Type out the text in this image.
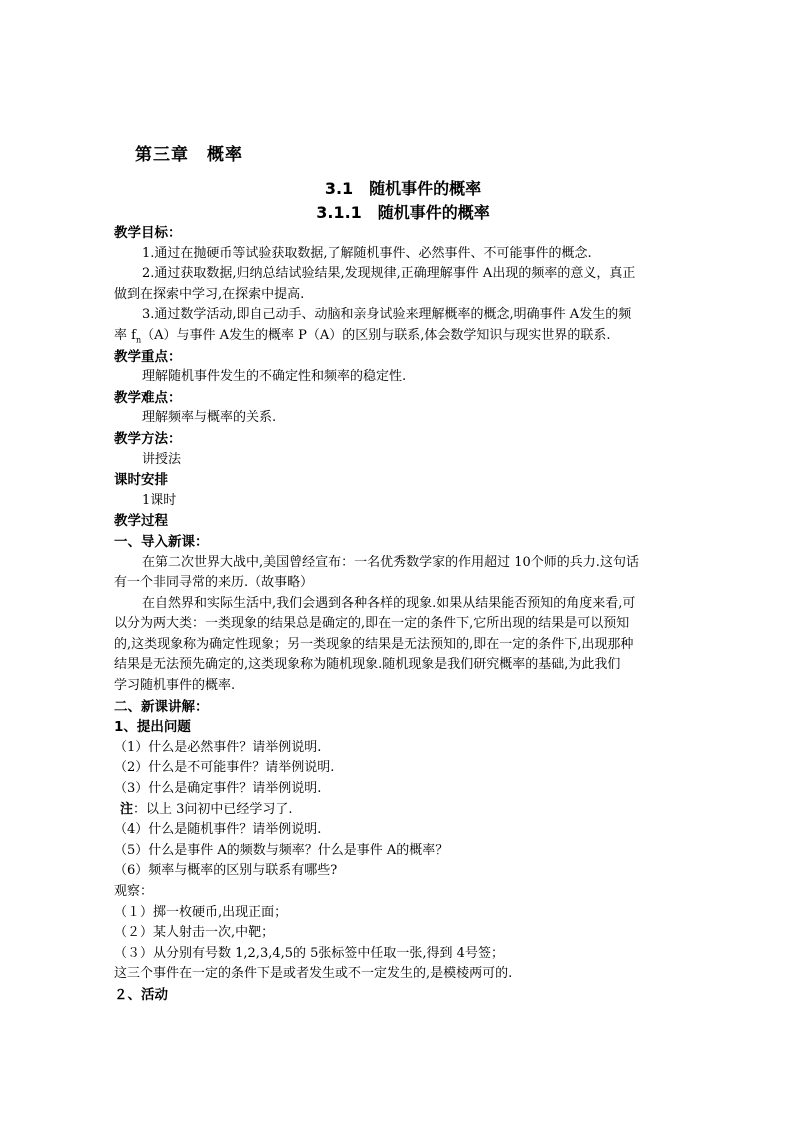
第三章　概率
3.1　随机事件的概率
3.1.1　随机事件的概率
教学目标：
1.通过在抛硬币等试验获取数据,了解随机事件、必然事件、不可能事件的概念.
2.通过获取数据,归纳总结试验结果,发现规律,正确理解事件 A出现的频率的意义，真正
做到在探索中学习,在探索中提高.
3.通过数学活动,即自己动手、动脑和亲身试验来理解概率的概念,明确事件 A发生的频
率 $f_n(A)$与事件 A发生的概率 P（A）的区别与联系,体会数学知识与现实世界的联系.
教学重点：
理解随机事件发生的不确定性和频率的稳定性.
教学难点：
理解频率与概率的关系.
教学方法：
讲授法
课时安排
1课时
教学过程
一、导入新课：
在第二次世界大战中,美国曾经宣布：一名优秀数学家的作用超过 10个师的兵力.这句话
有一个非同寻常的来历.（故事略）
在自然界和实际生活中,我们会遇到各种各样的现象.如果从结果能否预知的角度来看,可
以分为两大类：一类现象的结果总是确定的,即在一定的条件下,它所出现的结果是可以预知
的,这类现象称为确定性现象；另一类现象的结果是无法预知的,即在一定的条件下,出现那种
结果是无法预先确定的,这类现象称为随机现象.随机现象是我们研究概率的基础,为此我们
学习随机事件的概率.
二、新课讲解：
1、提出问题
（1）什么是必然事件？请举例说明.
（2）什么是不可能事件？请举例说明.
（3）什么是确定事件？请举例说明.
注：以上 3问初中已经学习了.
（4）什么是随机事件？请举例说明.
（5）什么是事件 A的频数与频率？什么是事件 A的概率？
（6）频率与概率的区别与联系有哪些?
观察：
（１）掷一枚硬币,出现正面；
（２）某人射击一次,中靶；
（３）从分别有号数 1,2,3,4,5的 5张标签中任取一张,得到 4号签；
这三个事件在一定的条件下是或者发生或不一定发生的,是模棱两可的.
２、活动
